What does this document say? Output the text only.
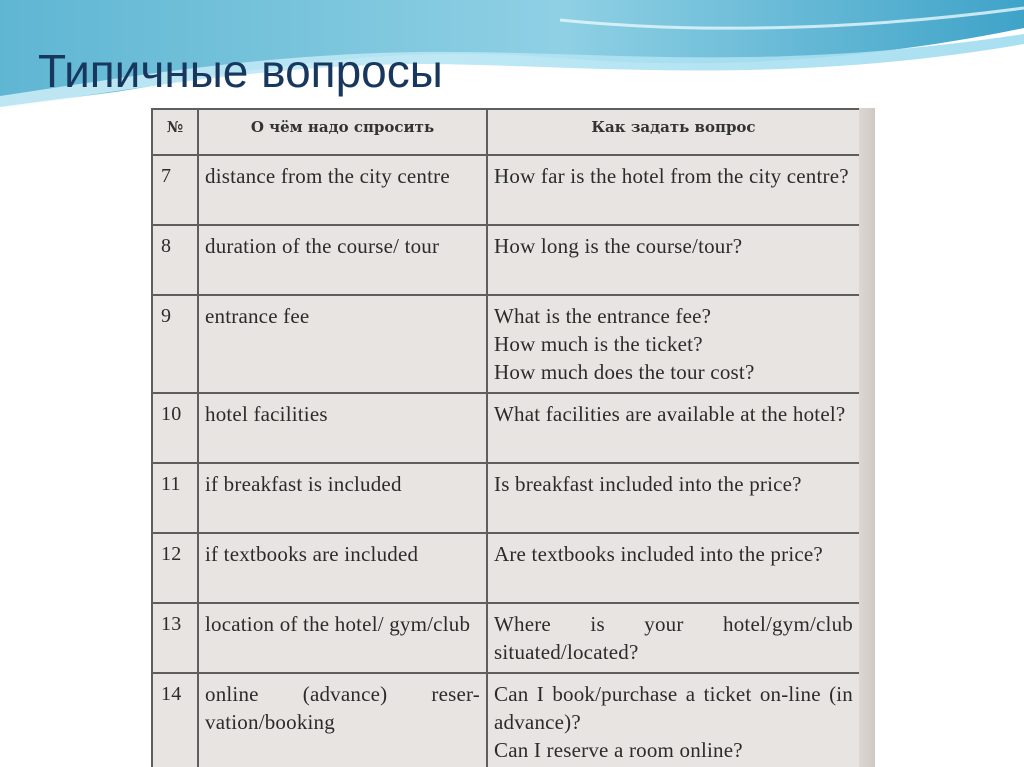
Типичные вопросы
№	О чём надо спросить	Как задать вопрос
7	distance from the city centre	How far is the hotel from the city centre?

8	duration of the course/ tour	How long is the course/tour?

9	entrance fee	What is the entrance fee?
How much is the ticket?
How much does the tour cost?

10	hotel facilities	What facilities are available at the hotel?

11	if breakfast is included	Is breakfast included into the price?

12	if textbooks are included	Are textbooks included into the price?

13	location of the hotel/ gym/club	Where is your hotel/gym/club situated/located?

14	online (advance) reser-vation/booking	Can I book/purchase a ticket on-line (in advance)?
Can I reserve a room online?
